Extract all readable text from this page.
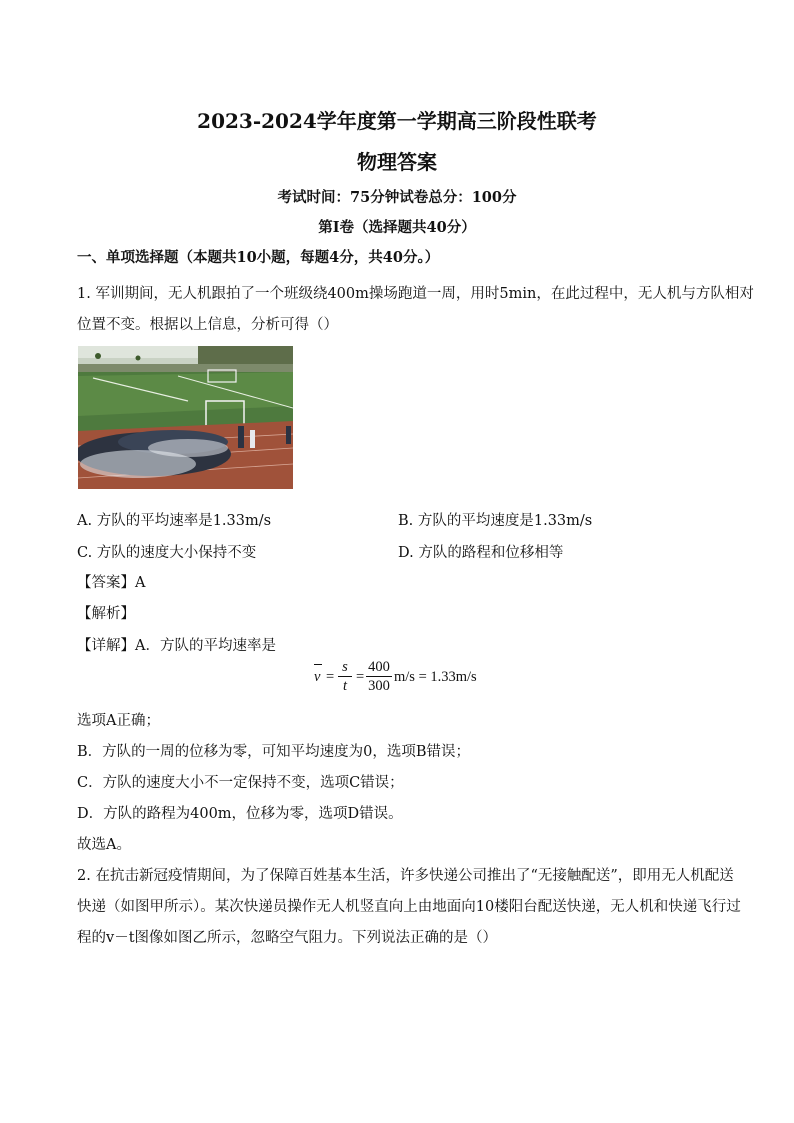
2023-2024学年度第一学期高三阶段性联考
物理答案
考试时间：75分钟试卷总分：100分
第Ⅰ卷（选择题共40分）
一、单项选择题（本题共10小题，每题4分，共40分。）
1. 军训期间，无人机跟拍了一个班级绕400m操场跑道一周，用时5min，在此过程中，无人机与方队相对
位置不变。根据以上信息，分析可得（）
A. 方队的平均速率是1.33m/s	B. 方队的平均速度是1.33m/s
C. 方队的速度大小保持不变	D. 方队的路程和位移相等
【答案】A
【解析】
【详解】A．方队的平均速率是
$v = \frac{s}{t} = \frac{400}{300} m/s = 1.33m/s$
选项A正确；
B．方队的一周的位移为零，可知平均速度为0，选项B错误；
C．方队的速度大小不一定保持不变，选项C错误；
D．方队的路程为400m，位移为零，选项D错误。
故选A。
2. 在抗击新冠疫情期间，为了保障百姓基本生活，许多快递公司推出了“无接触配送”，即用无人机配送
快递（如图甲所示）。某次快递员操作无人机竖直向上由地面向10楼阳台配送快递，无人机和快递飞行过
程的v－t图像如图乙所示，忽略空气阻力。下列说法正确的是（）
